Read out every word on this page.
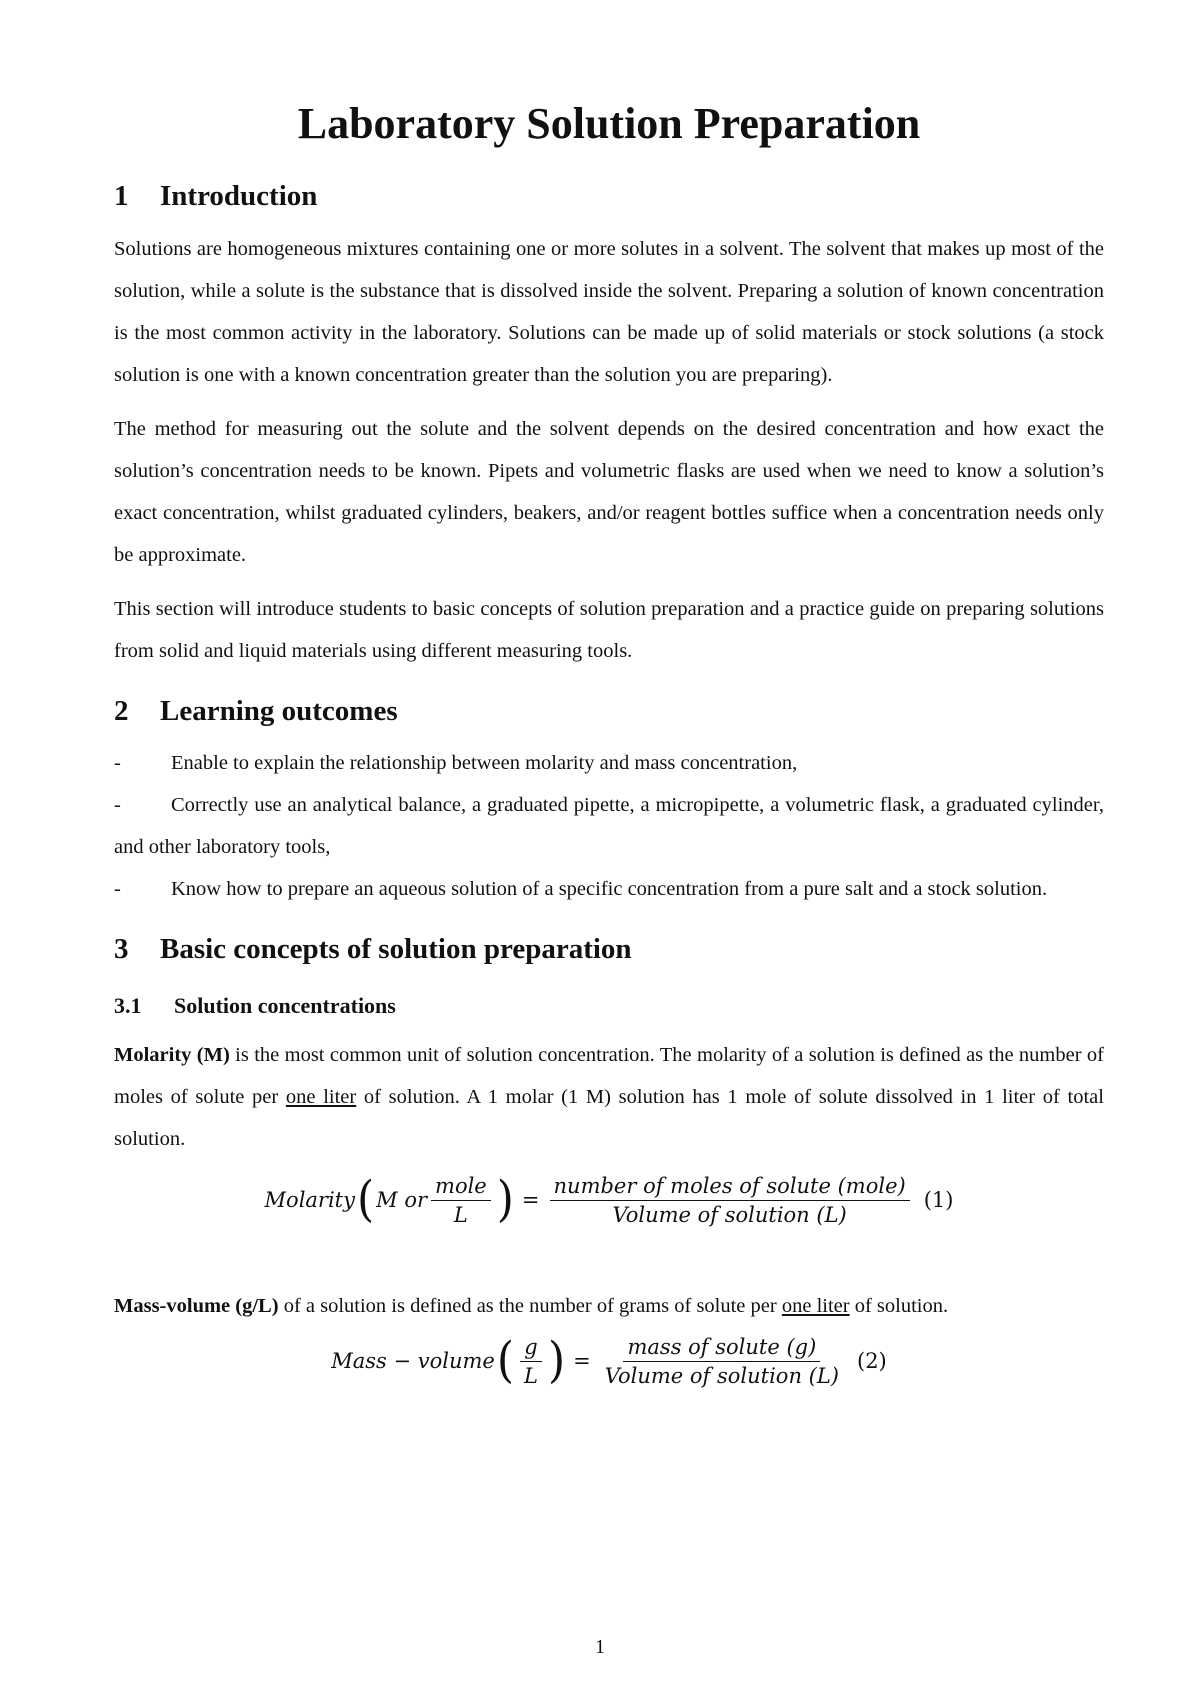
Laboratory Solution Preparation
1	Introduction

Solutions are homogeneous mixtures containing one or more solutes in a solvent. The solvent that makes up most of the solution, while a solute is the substance that is dissolved inside the solvent. Preparing a solution of known concentration is the most common activity in the laboratory. Solutions can be made up of solid materials or stock solutions (a stock solution is one with a known concentration greater than the solution you are preparing).

The method for measuring out the solute and the solvent depends on the desired concentration and how exact the solution’s concentration needs to be known. Pipets and volumetric flasks are used when we need to know a solution’s exact concentration, whilst graduated cylinders, beakers, and/or reagent bottles suffice when a concentration needs only be approximate.

This section will introduce students to basic concepts of solution preparation and a practice guide on preparing solutions from solid and liquid materials using different measuring tools.

2	Learning outcomes

- Enable to explain the relationship between molarity and mass concentration,

- Correctly use an analytical balance, a graduated pipette, a micropipette, a volumetric flask, a graduated cylinder, and other laboratory tools,

- Know how to prepare an aqueous solution of a specific concentration from a pure salt and a stock solution.

3	Basic concepts of solution preparation
3.1	Solution concentrations

Molarity (M) is the most common unit of solution concentration. The molarity of a solution is defined as the number of moles of solute per one liter of solution. A 1 molar (1 M) solution has 1 mole of solute dissolved in 1 liter of total solution.

Molarity ( M or $\frac{\text{mole}}{L}$ ) = $\frac{\text{number of moles of solute (mole)}}{\text{Volume of solution (L)}} (1)$

Mass-volume (g/L) of a solution is defined as the number of grams of solute per one liter of solution.

Mass − volume ( $\frac{g}{L}$ ) = $\frac{\text{mass of solute (g)}}{\text{Volume of solution (L)}} (2)$
1
